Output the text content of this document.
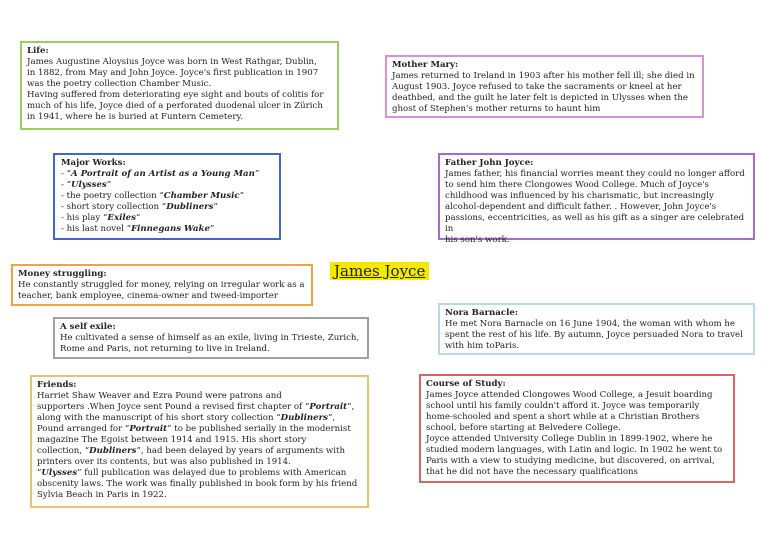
Life:

James Augustine Aloysius Joyce was born in West Rathgar, Dublin,

in 1882, from May and John Joyce. Joyce's first publication in 1907

was the poetry collection Chamber Music.

Having suffered from deteriorating eye sight and bouts of colitis for

much of his life, Joyce died of a perforated duodenal ulcer in Zürich

in 1941, where he is buried at Funtern Cemetery.

Major Works:
- “A Portrait of an Artist as a Young Man”
- “Ulysses”
- the poetry collection “Chamber Music”
- short story collection “Dubliners”
- his play “Exiles”
- his last novel “Finnegans Wake”
James Joyce
Money struggling:

He constantly struggled for money, relying on irregular work as a

teacher, bank employee, cinema-owner and tweed-importer

A self exile:

He cultivated a sense of himself as an exile, living in Trieste, Zurich,

Rome and Paris, not returning to live in Ireland.

Friends:
Harriet Shaw Weaver and Ezra Pound were patrons and
supporters .When Joyce sent Pound a revised first chapter of “Portrait”,
along with the manuscript of his short story collection “Dubliners”,
Pound arranged for “Portrait” to be published serially in the modernist
magazine The Egoist between 1914 and 1915. His short story
collection, “Dubliners”, had been delayed by years of arguments with
printers over its contents, but was also published in 1914.
“Ulysses” full publication was delayed due to problems with American
obscenity laws. The work was finally published in book form by his friend
Sylvia Beach in Paris in 1922.
Mother Mary:

James returned to Ireland in 1903 after his mother fell ill; she died in

August 1903. Joyce refused to take the sacraments or kneel at her

deathbed, and the guilt he later felt is depicted in Ulysses when the

ghost of Stephen's mother returns to haunt him

Father John Joyce:

James father, his financial worries meant they could no longer afford

to send him there Clongowes Wood College. Much of Joyce's

childhood was influenced by his charismatic, but increasingly

alcohol-dependent and difficult father. . However, John Joyce's

passions, eccentricities, as well as his gift as a singer are celebrated in

his son's work.

Nora Barnacle:

He met Nora Barnacle on 16 June 1904, the woman with whom he

spent the rest of his life. By autumn, Joyce persuaded Nora to travel

with him toParis.

Course of Study:

James Joyce attended Clongowes Wood College, a Jesuit boarding

school until his family couldn't afford it. Joyce was temporarily

home-schooled and spent a short while at a Christian Brothers

school, before starting at Belvedere College.

Joyce attended University College Dublin in 1899-1902, where he

studied modern languages, with Latin and logic. In 1902 he went to

Paris with a view to studying medicine, but discovered, on arrival,

that he did not have the necessary qualifications
